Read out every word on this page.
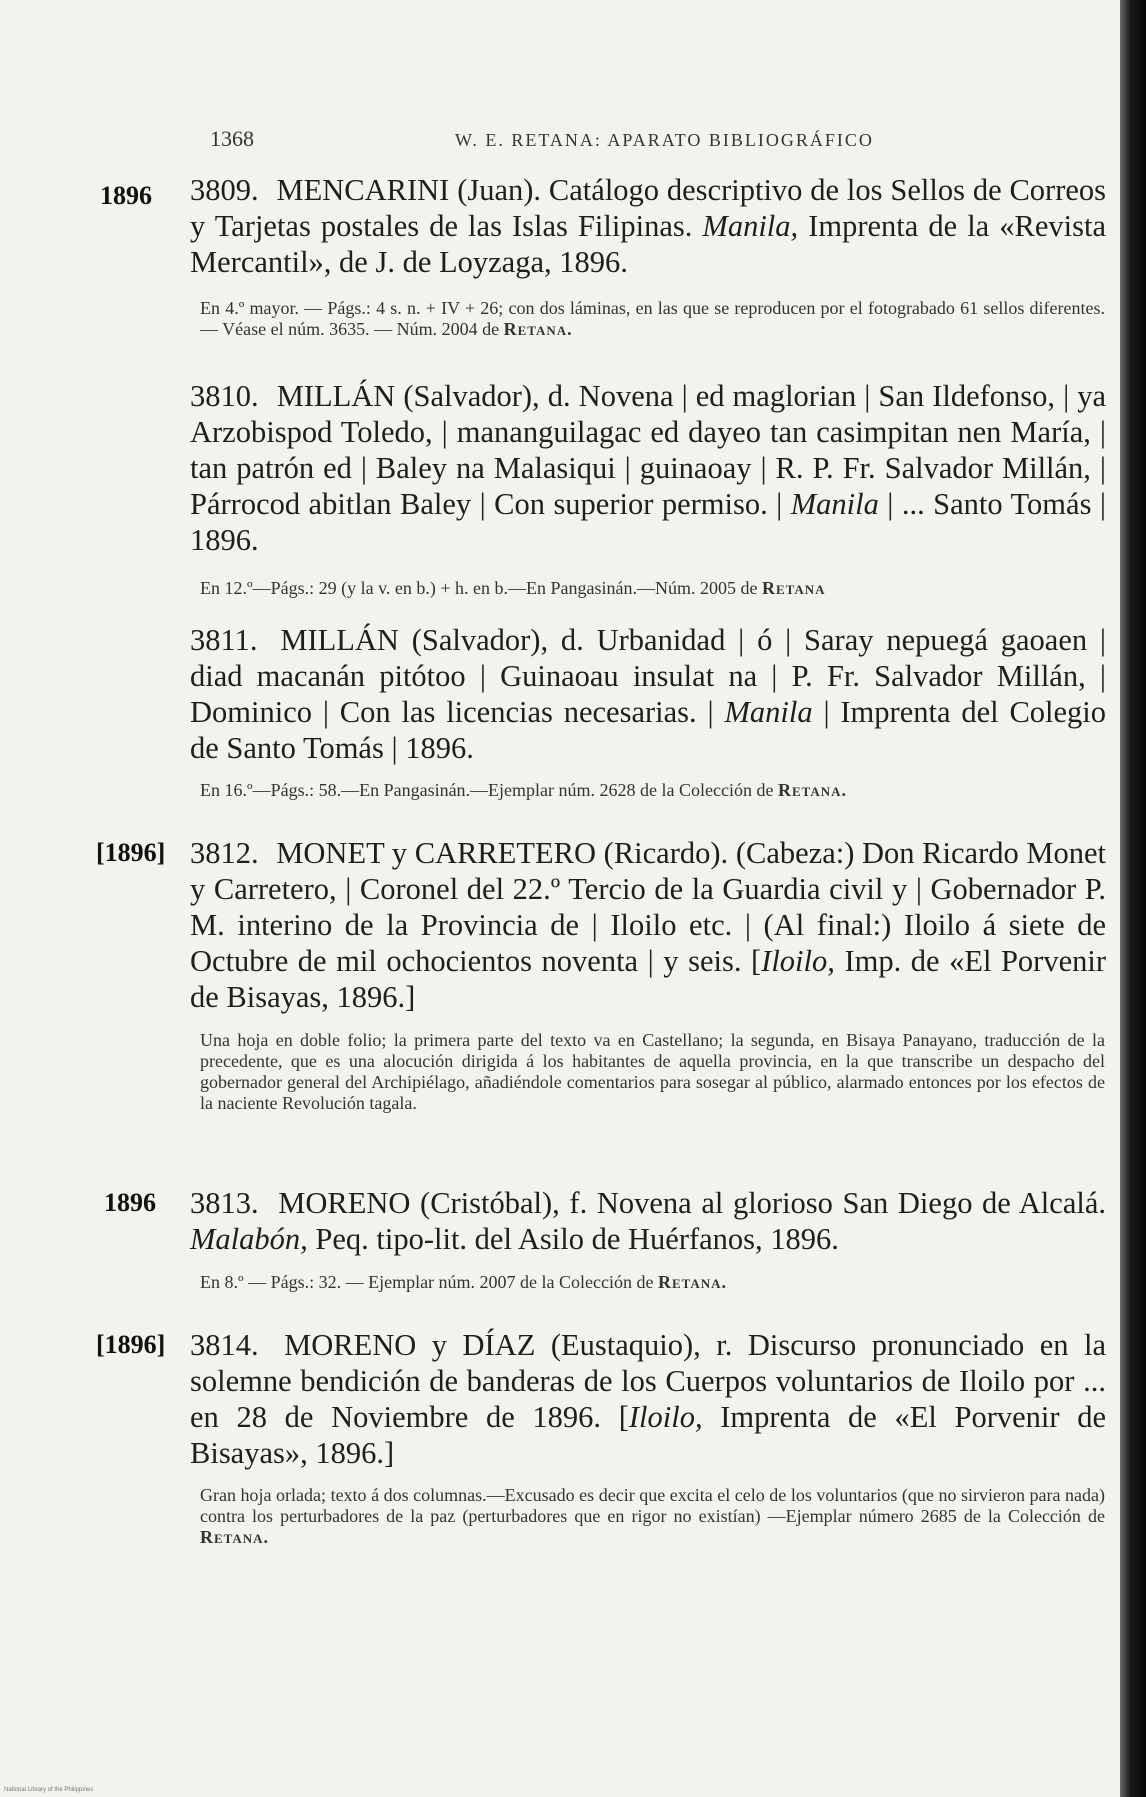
1368	W. E. RETANA: APARATO BIBLIOGRÁFICO
1896 3809. MENCARINI (Juan). Catálogo descriptivo de los Sellos de Correos y Tarjetas postales de las Islas Filipinas. Manila, Imprenta de la «Revista Mercantil», de J. de Loyzaga, 1896.
En 4.º mayor. — Págs.: 4 s. n. + IV + 26; con dos láminas, en las que se reproducen por el fotograbado 61 sellos diferentes. — Véase el núm. 3635. — Núm. 2004 de Retana.
3810. MILLÁN (Salvador), d. Novena | ed maglorian | San Ildefonso, | ya Arzobispod Toledo, | mananguilagac ed dayeo tan casimpitan nen María, | tan patrón ed | Baley na Malasiqui | guinaoay | R. P. Fr. Salvador Millán, | Párrocod abitlan Baley | Con superior permiso. | Manila | ... Santo Tomás | 1896.
En 12.º—Págs.: 29 (y la v. en b.) + h. en b.—En Pangasinán.—Núm. 2005 de Retana
3811. MILLÁN (Salvador), d. Urbanidad | ó | Saray nepuegá gaoaen | diad macanán pitótoo | Guinaoau insulat na | P. Fr. Salvador Millán, | Dominico | Con las licencias necesarias. | Manila | Imprenta del Colegio de Santo Tomás | 1896.
En 16.º—Págs.: 58.—En Pangasinán.—Ejemplar núm. 2628 de la Colección de Retana.
[1896] 3812. MONET y CARRETERO (Ricardo). (Cabeza:) Don Ricardo Monet y Carretero, | Coronel del 22.º Tercio de la Guardia civil y | Gobernador P. M. interino de la Provincia de | Iloilo etc. | (Al final:) Iloilo á siete de Octubre de mil ochocientos noventa | y seis. [Iloilo, Imp. de «El Porvenir de Bisayas, 1896.]
Una hoja en doble folio; la primera parte del texto va en Castellano; la segunda, en Bisaya Panayano, traducción de la precedente, que es una alocución dirigida á los habitantes de aquella provincia, en la que transcribe un despacho del gobernador general del Archipiélago, añadiéndole comentarios para sosegar al público, alarmado entonces por los efectos de la naciente Revolución tagala.
1896 3813. MORENO (Cristóbal), f. Novena al glorioso San Diego de Alcalá. Malabón, Peq. tipo-lit. del Asilo de Huérfanos, 1896.
En 8.º — Págs.: 32. — Ejemplar núm. 2007 de la Colección de Retana.
[1896] 3814. MORENO y DÍAZ (Eustaquio), r. Discurso pronunciado en la solemne bendición de banderas de los Cuerpos voluntarios de Iloilo por ... en 28 de Noviembre de 1896. [Iloilo, Imprenta de «El Porvenir de Bisayas», 1896.]
Gran hoja orlada; texto á dos columnas.—Excusado es decir que excita el celo de los voluntarios (que no sirvieron para nada) contra los perturbadores de la paz (perturbadores que en rigor no existían) —Ejemplar número 2685 de la Colección de Retana.
National Library of the Philippines
